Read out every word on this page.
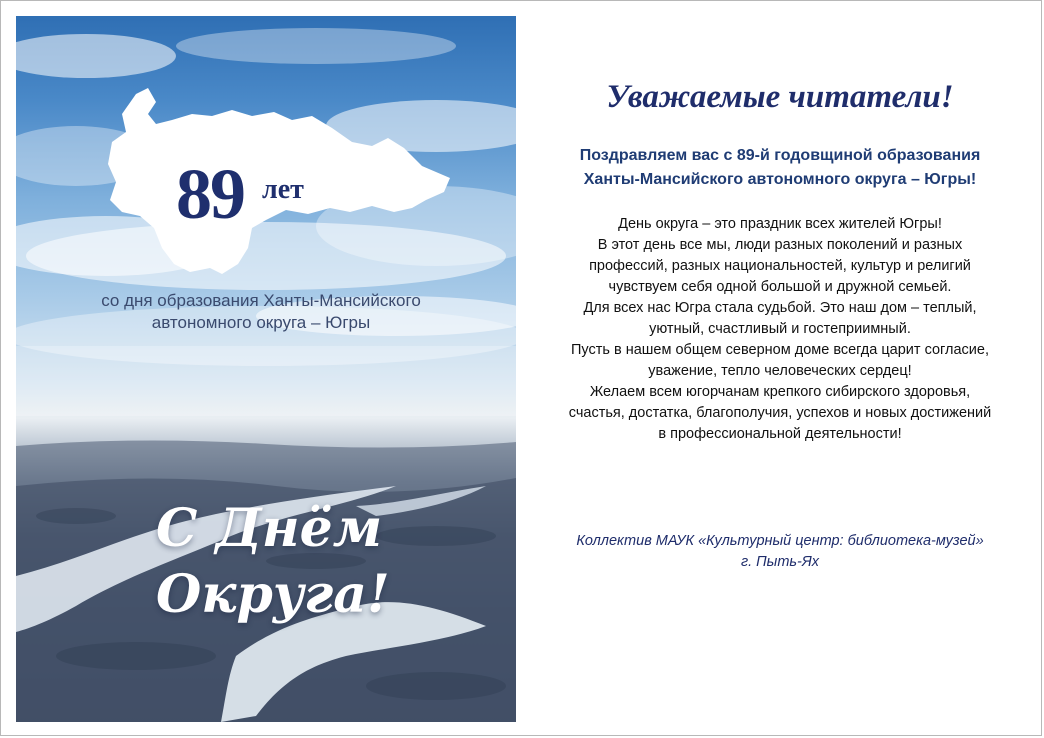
89 лет
со дня образования Ханты-Мансийского
автономного округа – Югры
С Днём
Округа!
Уважаемые читатели!
Поздравляем вас с 89-й годовщиной образования
Ханты-Мансийского автономного округа – Югры!
День округа – это праздник всех жителей Югры!
В этот день все мы, люди разных поколений и разных
профессий, разных национальностей, культур и религий
чувствуем себя одной большой и дружной семьей.
Для всех нас Югра стала судьбой. Это наш дом – теплый,
уютный, счастливый и гостеприимный.
Пусть в нашем общем северном доме всегда царит согласие,
уважение, тепло человеческих сердец!
Желаем всем югорчанам крепкого сибирского здоровья,
счастья, достатка, благополучия, успехов и новых достижений
в профессиональной деятельности!
Коллектив МАУК «Культурный центр: библиотека-музей»
г. Пыть-Ях
